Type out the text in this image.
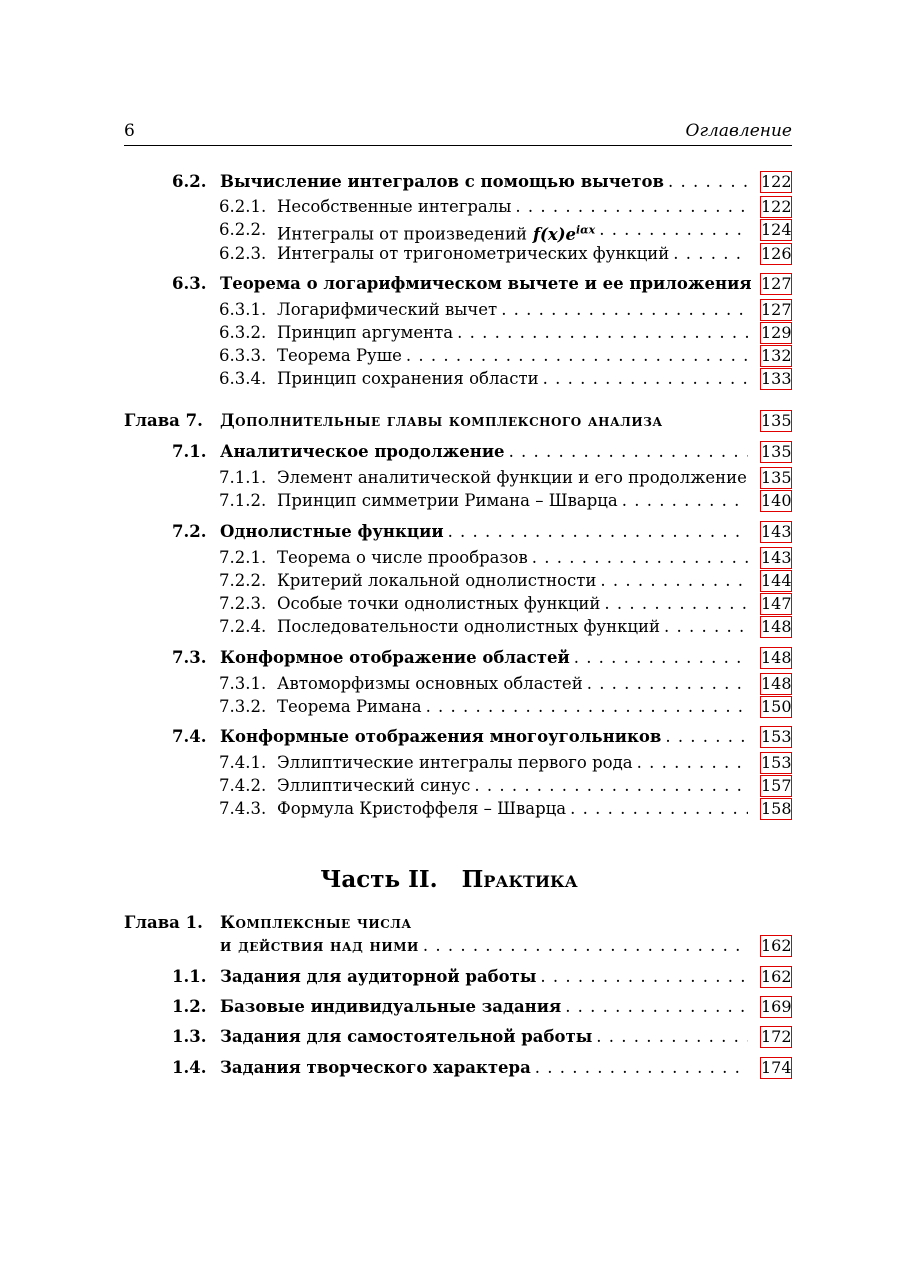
6	Оглавление
6.2. Вычисление интегралов с помощью вычетов . . .	122
6.2.1. Несобственные интегралы . . .	122
6.2.2. Интегралы от произведений $f(x)e^{i\alpha x}$ . . .	124
6.2.3. Интегралы от тригонометрических функций . . .	126
6.3. Теорема о логарифмическом вычете и ее приложения . . . 127
6.3.1. Логарифмический вычет . . .	127
6.3.2. Принцип аргумента . . .	129
6.3.3. Теорема Руше . . .	132
6.3.4. Принцип сохранения области . . .	133
Глава 7. Дополнительные главы комплексного анализа	135
7.1. Аналитическое продолжение . . .	135
7.1.1. Элемент аналитической функции и его продолжение . . . 135
7.1.2. Принцип симметрии Римана – Шварца . . .	140
7.2. Однолистные функции . . .	143
7.2.1. Теорема о числе прообразов . . .	143
7.2.2. Критерий локальной однолистности . . .	144
7.2.3. Особые точки однолистных функций . . .	147
7.2.4. Последовательности однолистных функций . . .	148
7.3. Конформное отображение областей . . .	148
7.3.1. Автоморфизмы основных областей . . .	148
7.3.2. Теорема Римана . . .	150
7.4. Конформные отображения многоугольников . . .	153
7.4.1. Эллиптические интегралы первого рода . . .	153
7.4.2. Эллиптический синус . . .	157
7.4.3. Формула Кристоффеля – Шварца . . .	158
Часть II. Практика
Глава 1. Комплексные числа
и действия над ними . . .	162
1.1. Задания для аудиторной работы . . .	162
1.2. Базовые индивидуальные задания . . .	169
1.3. Задания для самостоятельной работы . . .	172
1.4. Задания творческого характера . . .	174
